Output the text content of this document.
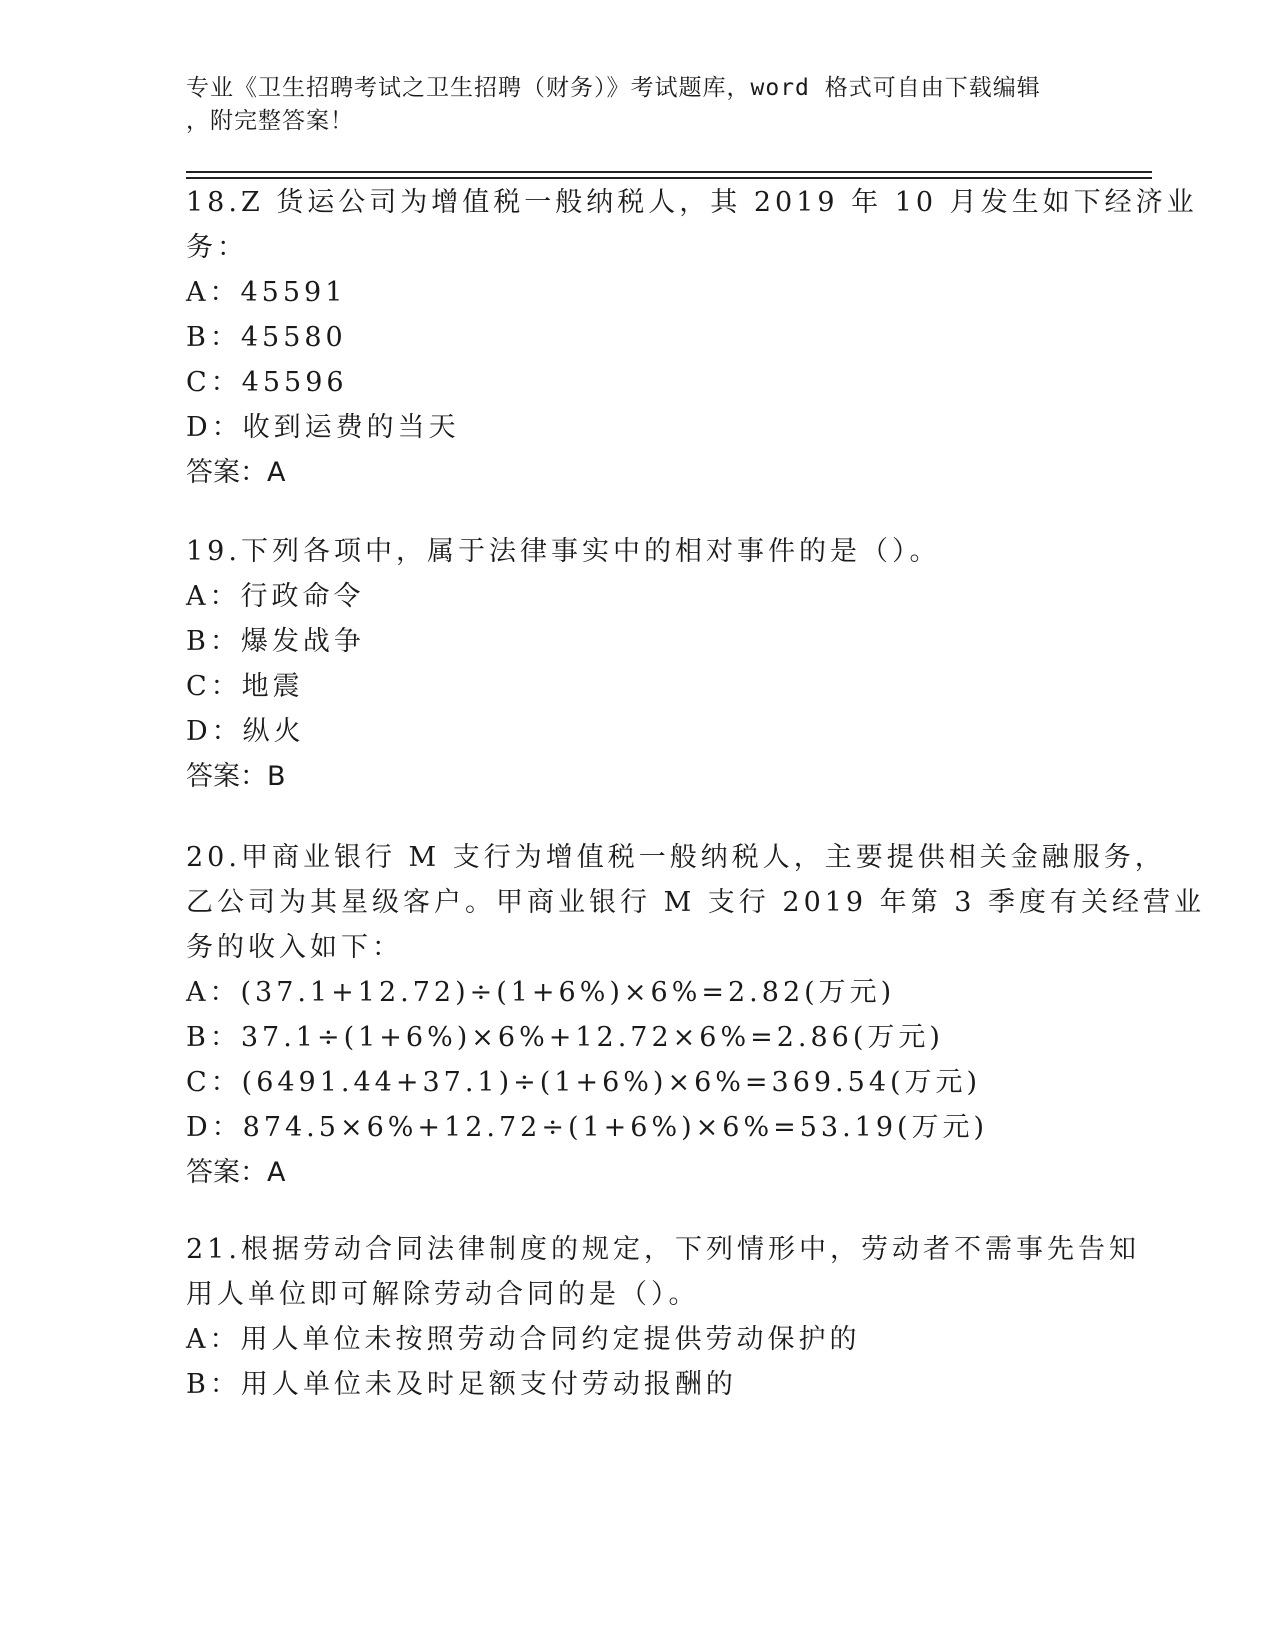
专业《卫生招聘考试之卫生招聘（财务）》考试题库，word 格式可自由下载编辑
，附完整答案！

18.Z 货运公司为增值税一般纳税人，其 2019 年 10 月发生如下经济业

务：

A：45591

B：45580

C：45596

D：收到运费的当天

答案：A

19.下列各项中，属于法律事实中的相对事件的是（）。

A：行政命令

B：爆发战争

C：地震

D：纵火

答案：B

20.甲商业银行 M 支行为增值税一般纳税人，主要提供相关金融服务，

乙公司为其星级客户。甲商业银行 M 支行 2019 年第 3 季度有关经营业

务的收入如下：

A：(37.1+12.72)÷(1+6%)×6%=2.82(万元)

B：37.1÷(1+6%)×6%+12.72×6%=2.86(万元)

C：(6491.44+37.1)÷(1+6%)×6%=369.54(万元)

D：874.5×6%+12.72÷(1+6%)×6%=53.19(万元)

答案：A

21.根据劳动合同法律制度的规定，下列情形中，劳动者不需事先告知

用人单位即可解除劳动合同的是（）。

A：用人单位未按照劳动合同约定提供劳动保护的

B：用人单位未及时足额支付劳动报酬的
